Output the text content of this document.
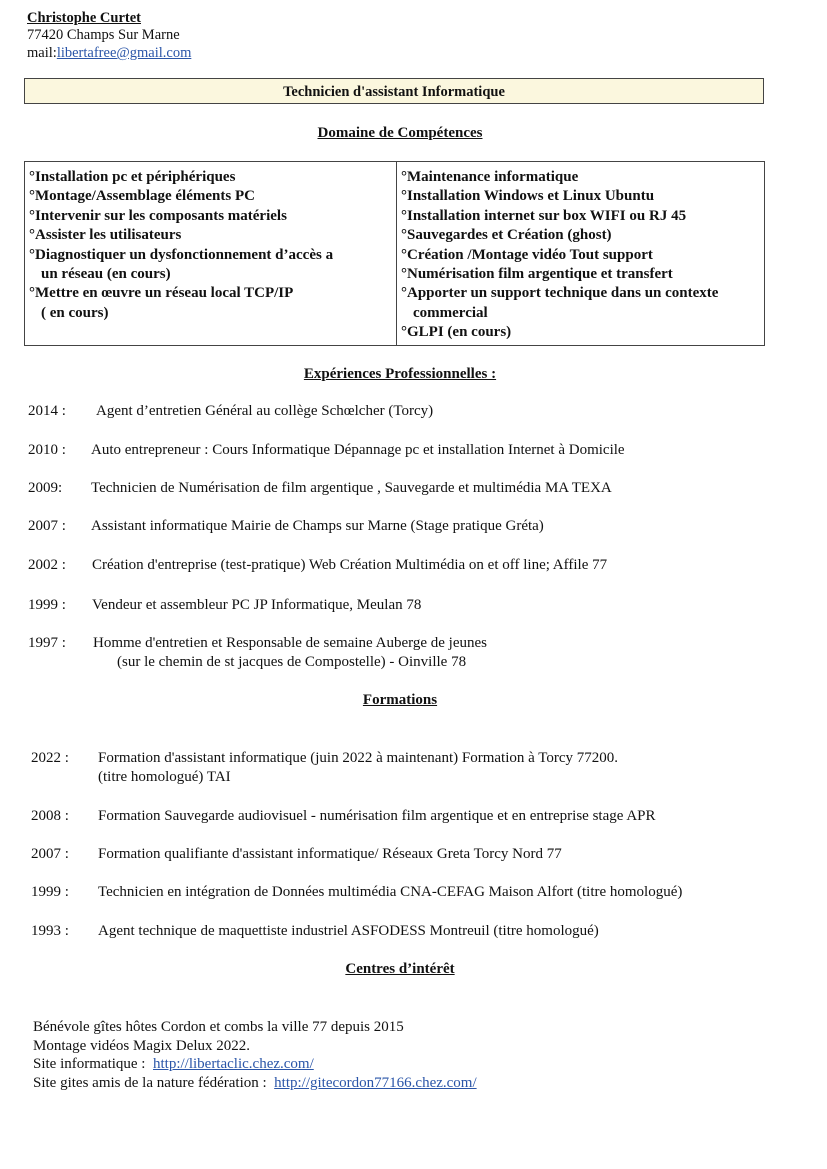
Christophe Curtet
77420 Champs Sur Marne
mail:libertafree@gmail.com
Technicien d'assistant Informatique
Domaine de Compétences
°Installation pc et périphériques
°Montage/Assemblage éléments PC
°Intervenir sur les composants matériels
°Assister les utilisateurs
°Diagnostiquer un dysfonctionnement d’accès a
un réseau (en cours)
°Mettre en œuvre un réseau local TCP/IP
( en cours)
°Maintenance informatique
°Installation Windows et Linux Ubuntu
°Installation internet sur box WIFI ou RJ 45
°Sauvegardes et Création (ghost)
°Création /Montage vidéo Tout support
°Numérisation film argentique et transfert
°Apporter un support technique dans un contexte
commercial
°GLPI (en cours)
Expériences Professionnelles :
2014 : Agent d’entretien Général au collège Schœlcher (Torcy)
2010 : Auto entrepreneur : Cours Informatique Dépannage pc et installation Internet à Domicile
2009: Technicien de Numérisation de film argentique , Sauvegarde et multimédia MA TEXA
2007 : Assistant informatique Mairie de Champs sur Marne (Stage pratique Gréta)
2002 : Création d'entreprise (test-pratique) Web Création Multimédia on et off line; Affile 77
1999 : Vendeur et assembleur PC JP Informatique, Meulan 78
1997 : Homme d'entretien et Responsable de semaine Auberge de jeunes
(sur le chemin de st jacques de Compostelle) - Oinville 78
Formations
2022 : Formation d'assistant informatique (juin 2022 à maintenant) Formation à Torcy 77200.
(titre homologué) TAI
2008 : Formation Sauvegarde audiovisuel - numérisation film argentique et en entreprise stage APR
2007 : Formation qualifiante d'assistant informatique/ Réseaux Greta Torcy Nord 77
1999 : Technicien en intégration de Données multimédia CNA-CEFAG Maison Alfort (titre homologué)
1993 : Agent technique de maquettiste industriel ASFODESS Montreuil (titre homologué)
Centres d’intérêt
Bénévole gîtes hôtes Cordon et combs la ville 77 depuis 2015
Montage vidéos Magix Delux 2022.
Site informatique : http://libertaclic.chez.com/
Site gites amis de la nature fédération : http://gitecordon77166.chez.com/
